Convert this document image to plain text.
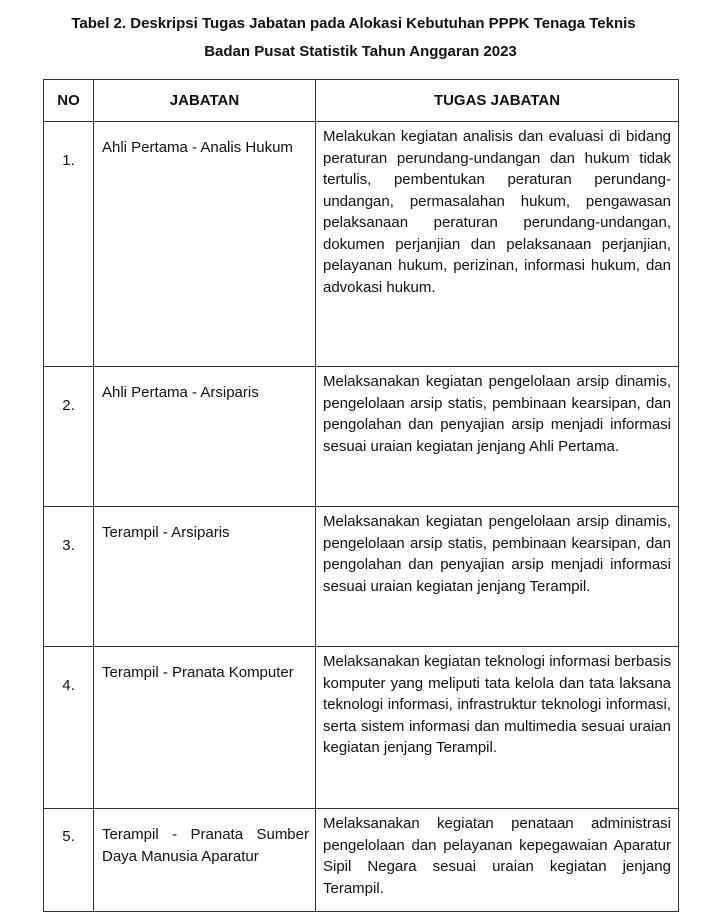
Tabel 2. Deskripsi Tugas Jabatan pada Alokasi Kebutuhan PPPK Tenaga Teknis
Badan Pusat Statistik Tahun Anggaran 2023
NO	JABATAN	TUGAS JABATAN
1.	Ahli Pertama - Analis Hukum	Melakukan kegiatan analisis dan evaluasi di bidang peraturan perundang-undangan dan hukum tidak tertulis, pembentukan peraturan perundang-undangan, permasalahan hukum, pengawasan pelaksanaan peraturan perundang-undangan, dokumen perjanjian dan pelaksanaan perjanjian, pelayanan hukum, perizinan, informasi hukum, dan advokasi hukum.
2.	Ahli Pertama - Arsiparis	Melaksanakan kegiatan pengelolaan arsip dinamis, pengelolaan arsip statis, pembinaan kearsipan, dan pengolahan dan penyajian arsip menjadi informasi sesuai uraian kegiatan jenjang Ahli Pertama.
3.	Terampil - Arsiparis	Melaksanakan kegiatan pengelolaan arsip dinamis, pengelolaan arsip statis, pembinaan kearsipan, dan pengolahan dan penyajian arsip menjadi informasi sesuai uraian kegiatan jenjang Terampil.
4.	Terampil - Pranata Komputer	Melaksanakan kegiatan teknologi informasi berbasis komputer yang meliputi tata kelola dan tata laksana teknologi informasi, infrastruktur teknologi informasi, serta sistem informasi dan multimedia sesuai uraian kegiatan jenjang Terampil.
5.	Terampil - Pranata Sumber Daya Manusia Aparatur	Melaksanakan kegiatan penataan administrasi pengelolaan dan pelayanan kepegawaian Aparatur Sipil Negara sesuai uraian kegiatan jenjang Terampil.
